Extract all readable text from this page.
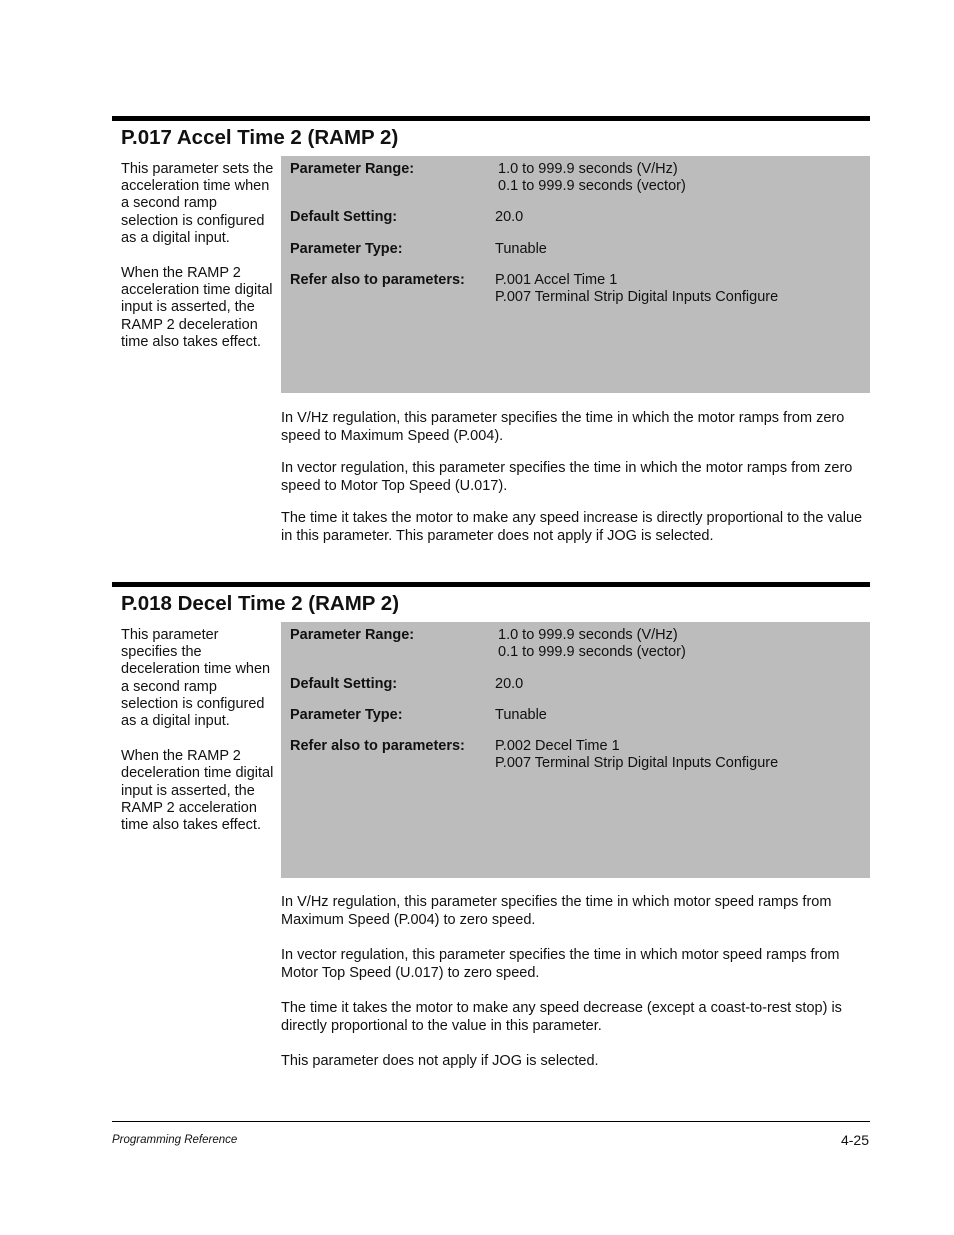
P.017 Accel Time 2 (RAMP 2)

This parameter sets the acceleration time when a second ramp selection is configured as a digital input.

When the RAMP 2 acceleration time digital input is asserted, the RAMP 2 deceleration time also takes effect.

Parameter Range:	1.0 to 999.9 seconds (V/Hz)
0.1 to 999.9 seconds (vector)
Default Setting:	20.0
Parameter Type:	Tunable
Refer also to parameters: P.001 Accel Time 1
P.007 Terminal Strip Digital Inputs Configure

In V/Hz regulation, this parameter specifies the time in which the motor ramps from zero speed to Maximum Speed (P.004).

In vector regulation, this parameter specifies the time in which the motor ramps from zero speed to Motor Top Speed (U.017).

The time it takes the motor to make any speed increase is directly proportional to the value in this parameter. This parameter does not apply if JOG is selected.

P.018 Decel Time 2 (RAMP 2)

This parameter specifies the deceleration time when a second ramp selection is configured as a digital input.

When the RAMP 2 deceleration time digital input is asserted, the RAMP 2 acceleration time also takes effect.

Parameter Range:	1.0 to 999.9 seconds (V/Hz)
0.1 to 999.9 seconds (vector)
Default Setting:	20.0
Parameter Type:	Tunable
Refer also to parameters: P.002 Decel Time 1
P.007 Terminal Strip Digital Inputs Configure

In V/Hz regulation, this parameter specifies the time in which motor speed ramps from Maximum Speed (P.004) to zero speed.

In vector regulation, this parameter specifies the time in which motor speed ramps from Motor Top Speed (U.017) to zero speed.

The time it takes the motor to make any speed decrease (except a coast-to-rest stop) is directly proportional to the value in this parameter.

This parameter does not apply if JOG is selected.

Programming Reference	4-25
